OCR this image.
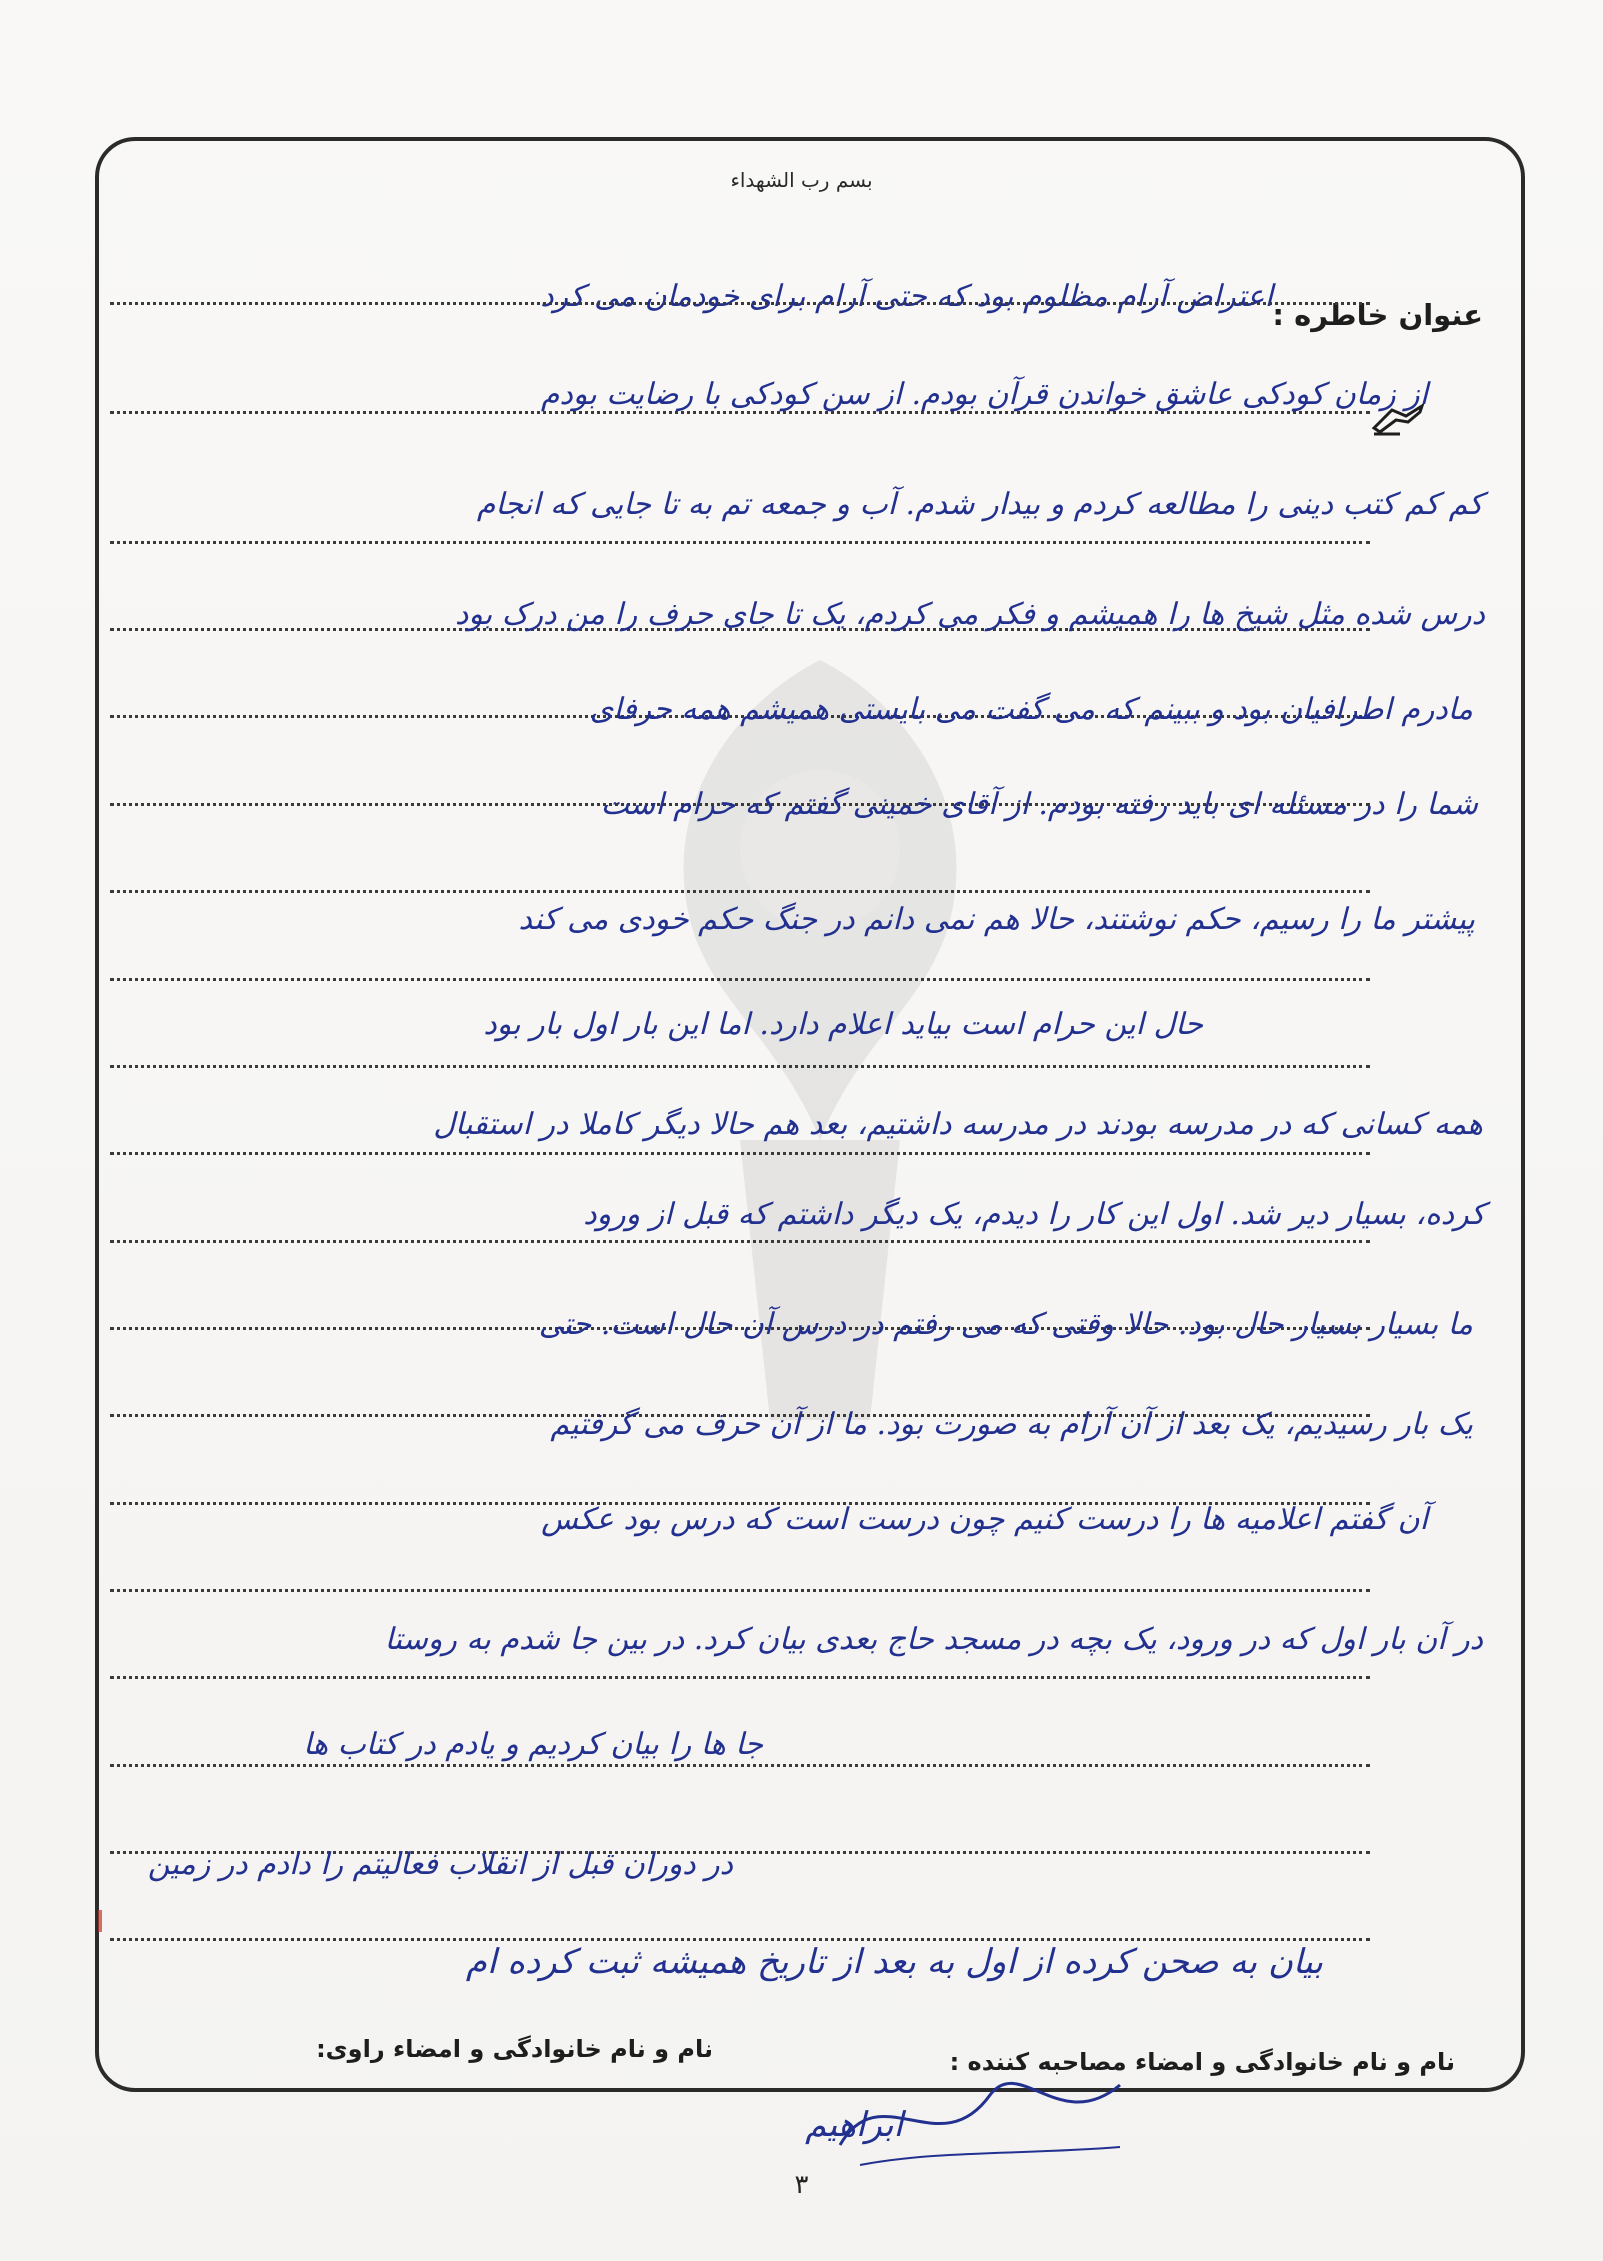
بسم رب الشهداء
عنوان خاطره :
اعتراض آرام مظلوم بود که حتی آرام برای خودمان می کرد
از زمان کودکی عاشق خواندن قرآن بودم. از سن کودکی با رضایت بودم
کم کم کتب دینی را مطالعه کردم و بیدار شدم. آب و جمعه تم به تا جایی که انجام
درس شده مثل شیخ ها را همیشم و فکر می کردم، یک تا جای حرف را من درک بود
مادرم اطرافیان بود و ببینم که می گفت می بایستی همیشم همه حرفای
شما را در مسئله ای باید رفته بودم. از آقای خمینی گفتم که حرام است
پیشتر ما را رسیم، حکم نوشتند، حالا هم نمی دانم در جنگ حکم خودی می کند
حال این حرام است بیاید اعلام دارد. اما این بار اول بار بود
همه کسانی که در مدرسه بودند در مدرسه داشتیم، بعد هم حالا دیگر کاملا در استقبال
کرده، بسیار دیر شد. اول این کار را دیدم، یک دیگر داشتم که قبل از ورود
ما بسیار بسیار حال بود. حالا وقتی که می رفتم در درس آن حال است. حتی
یک بار رسیدیم، یک بعد از آن آرام به صورت بود. ما از آن حرف می گرفتیم
آن گفتم اعلامیه ها را درست کنیم چون درست است که درس بود عکس
در آن بار اول که در ورود، یک بچه در مسجد حاج بعدی بیان کرد. در بین جا شدم به روستا
جا ها را بیان کردیم و یادم در کتاب ها
در دوران قبل از انقلاب فعالیتم را دادم در زمین
بیان به صحن کرده از اول به بعد از تاریخ همیشه ثبت کرده ام
نام و نام خانوادگی و امضاء مصاحبه کننده :
نام و نام خانوادگی و امضاء راوی:
ابراهیم
۳
